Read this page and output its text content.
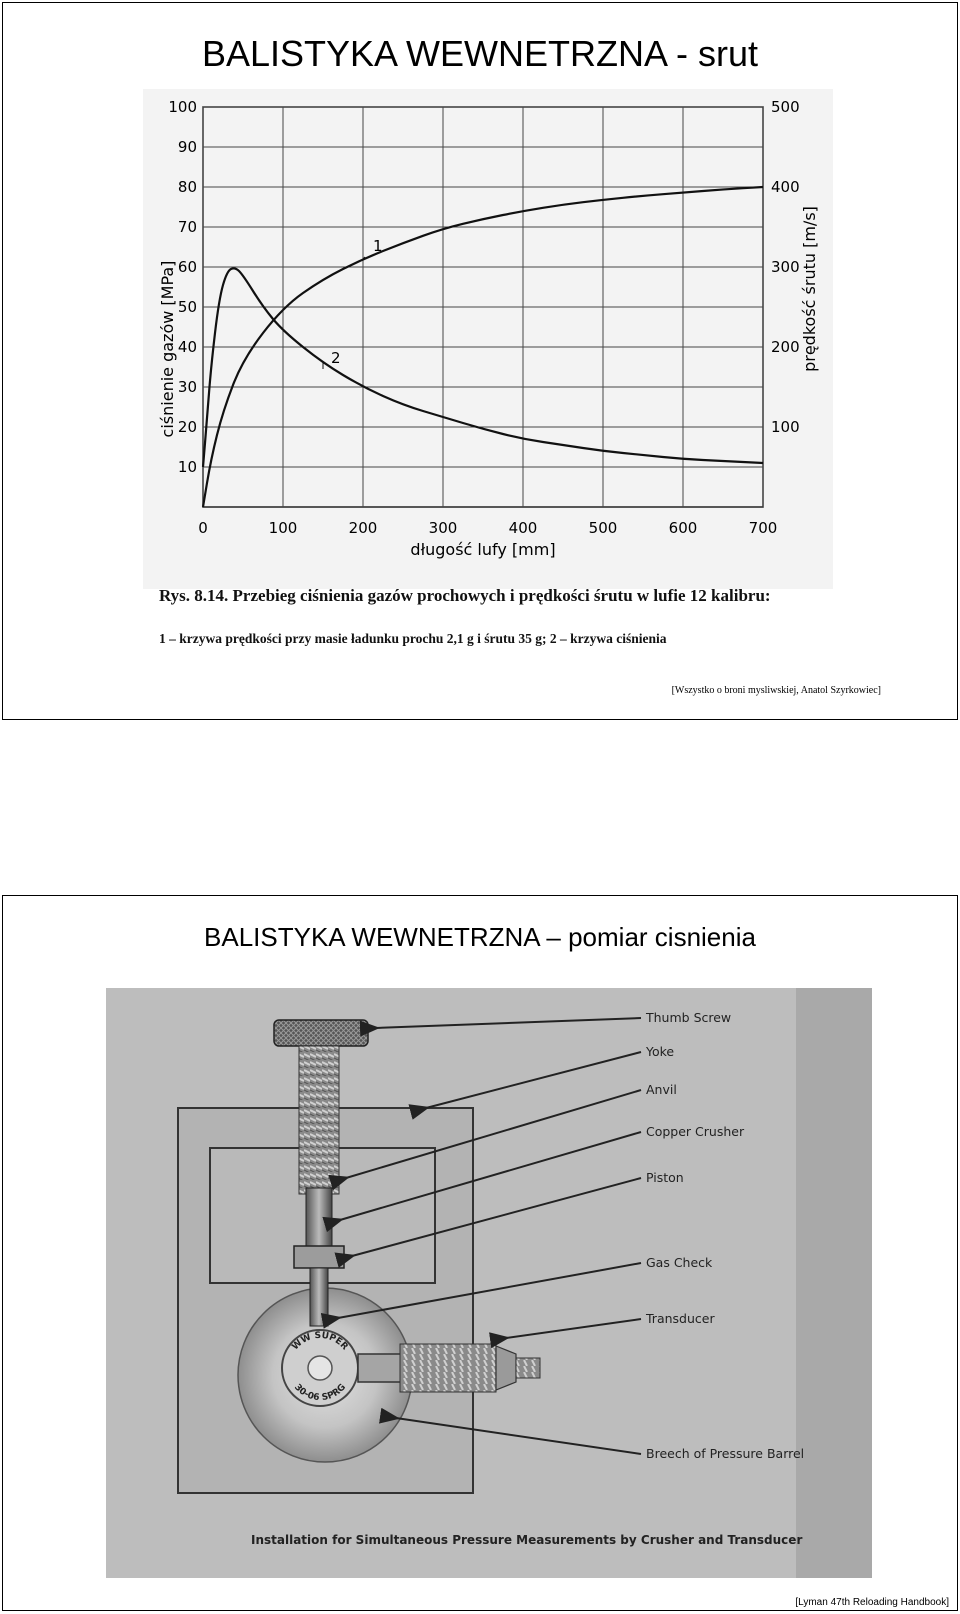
BALISTYKA WEWNETRZNA - srut
0	100	200	300	400	500	600	700
10
20
30
40
50
60
70
80
90
100
100
200
300
400
500
1
2
długość lufy [mm]
ciśnienie gazów [MPa]	prędkość śrutu [m/s]
Rys. 8.14. Przebieg ciśnienia gazów prochowych i prędkości śrutu w lufie 12 kalibru:
1 – krzywa prędkości przy masie ładunku prochu 2,1 g i śrutu 35 g; 2 – krzywa ciśnienia
[Wszystko o broni mysliwskiej, Anatol Szyrkowiec]
BALISTYKA WEWNETRZNA – pomiar cisnienia
WW SUPER
30-06 SPRG
Thumb Screw
Yoke
Anvil
Copper Crusher
Piston
Gas Check
Transducer
Breech of Pressure Barrel
Installation for Simultaneous Pressure Measurements by Crusher and Transducer
[Lyman 47th Reloading Handbook]
